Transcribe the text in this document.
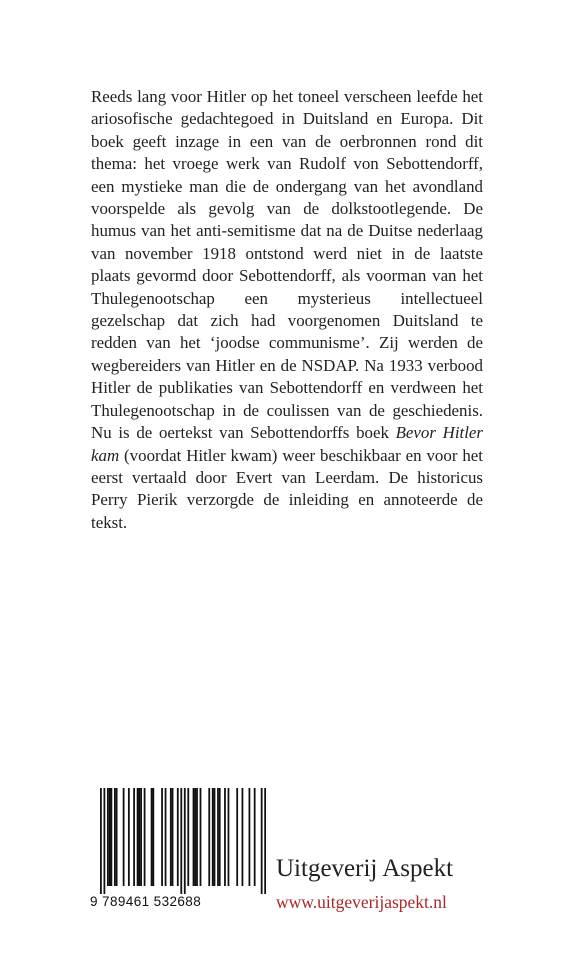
Reeds lang voor Hitler op het toneel verscheen leefde het ariosofische gedachtegoed in Duitsland en Europa. Dit boek geeft inzage in een van de oerbronnen rond dit thema: het vroege werk van Rudolf von Sebottendorff, een mystieke man die de ondergang van het avondland voorspelde als gevolg van de dolkstootlegende. De humus van het anti-semitisme dat na de Duitse nederlaag van november 1918 ontstond werd niet in de laatste plaats gevormd door Sebottendorff, als voorman van het Thulegenootschap een mysterieus intellectueel gezelschap dat zich had voorgenomen Duitsland te redden van het ‘joodse communisme’. Zij werden de wegbereiders van Hitler en de NSDAP. Na 1933 verbood Hitler de publikaties van Sebottendorff en verdween het Thulegenootschap in de coulissen van de geschiedenis. Nu is de oertekst van Sebottendorffs boek Bevor Hitler kam (voordat Hitler kwam) weer beschikbaar en voor het eerst vertaald door Evert van Leerdam. De historicus Perry Pierik verzorgde de inleiding en annoteerde de tekst.

9 789461 532688
Uitgeverij Aspekt
www.uitgeverijaspekt.nl
